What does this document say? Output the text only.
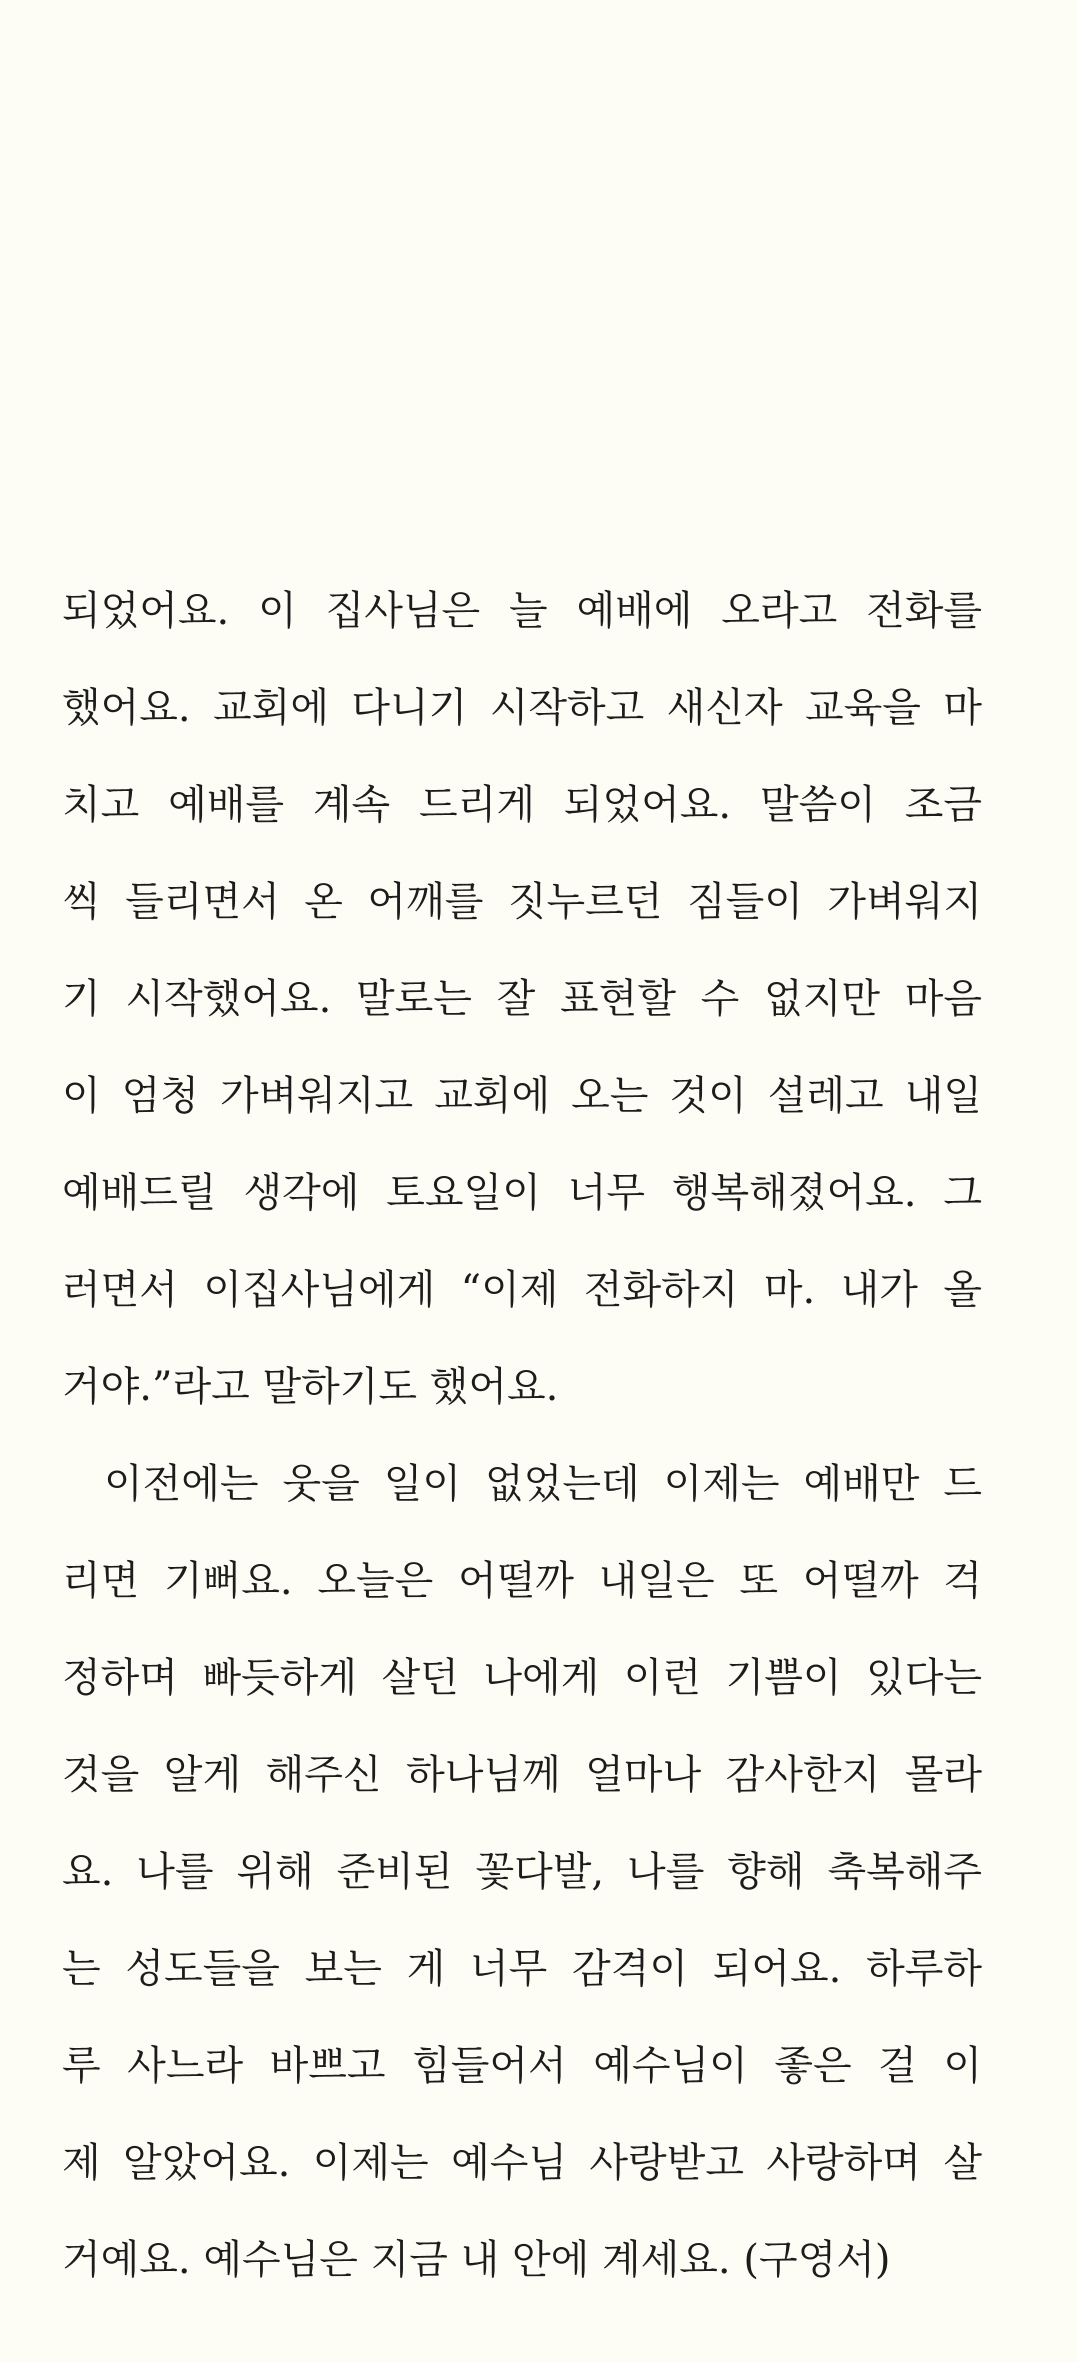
되었어요. 이 집사님은 늘 예배에 오라고 전화를
했어요. 교회에 다니기 시작하고 새신자 교육을 마
치고 예배를 계속 드리게 되었어요. 말씀이 조금
씩 들리면서 온 어깨를 짓누르던 짐들이 가벼워지
기 시작했어요. 말로는 잘 표현할 수 없지만 마음
이 엄청 가벼워지고 교회에 오는 것이 설레고 내일
예배드릴 생각에 토요일이 너무 행복해졌어요. 그
러면서 이집사님에게 “이제 전화하지 마. 내가 올
거야.”라고 말하기도 했어요.
이전에는 웃을 일이 없었는데 이제는 예배만 드
리면 기뻐요. 오늘은 어떨까 내일은 또 어떨까 걱
정하며 빠듯하게 살던 나에게 이런 기쁨이 있다는
것을 알게 해주신 하나님께 얼마나 감사한지 몰라
요. 나를 위해 준비된 꽃다발, 나를 향해 축복해주
는 성도들을 보는 게 너무 감격이 되어요. 하루하
루 사느라 바쁘고 힘들어서 예수님이 좋은 걸 이
제 알았어요. 이제는 예수님 사랑받고 사랑하며 살
거예요. 예수님은 지금 내 안에 계세요. (구영서)
